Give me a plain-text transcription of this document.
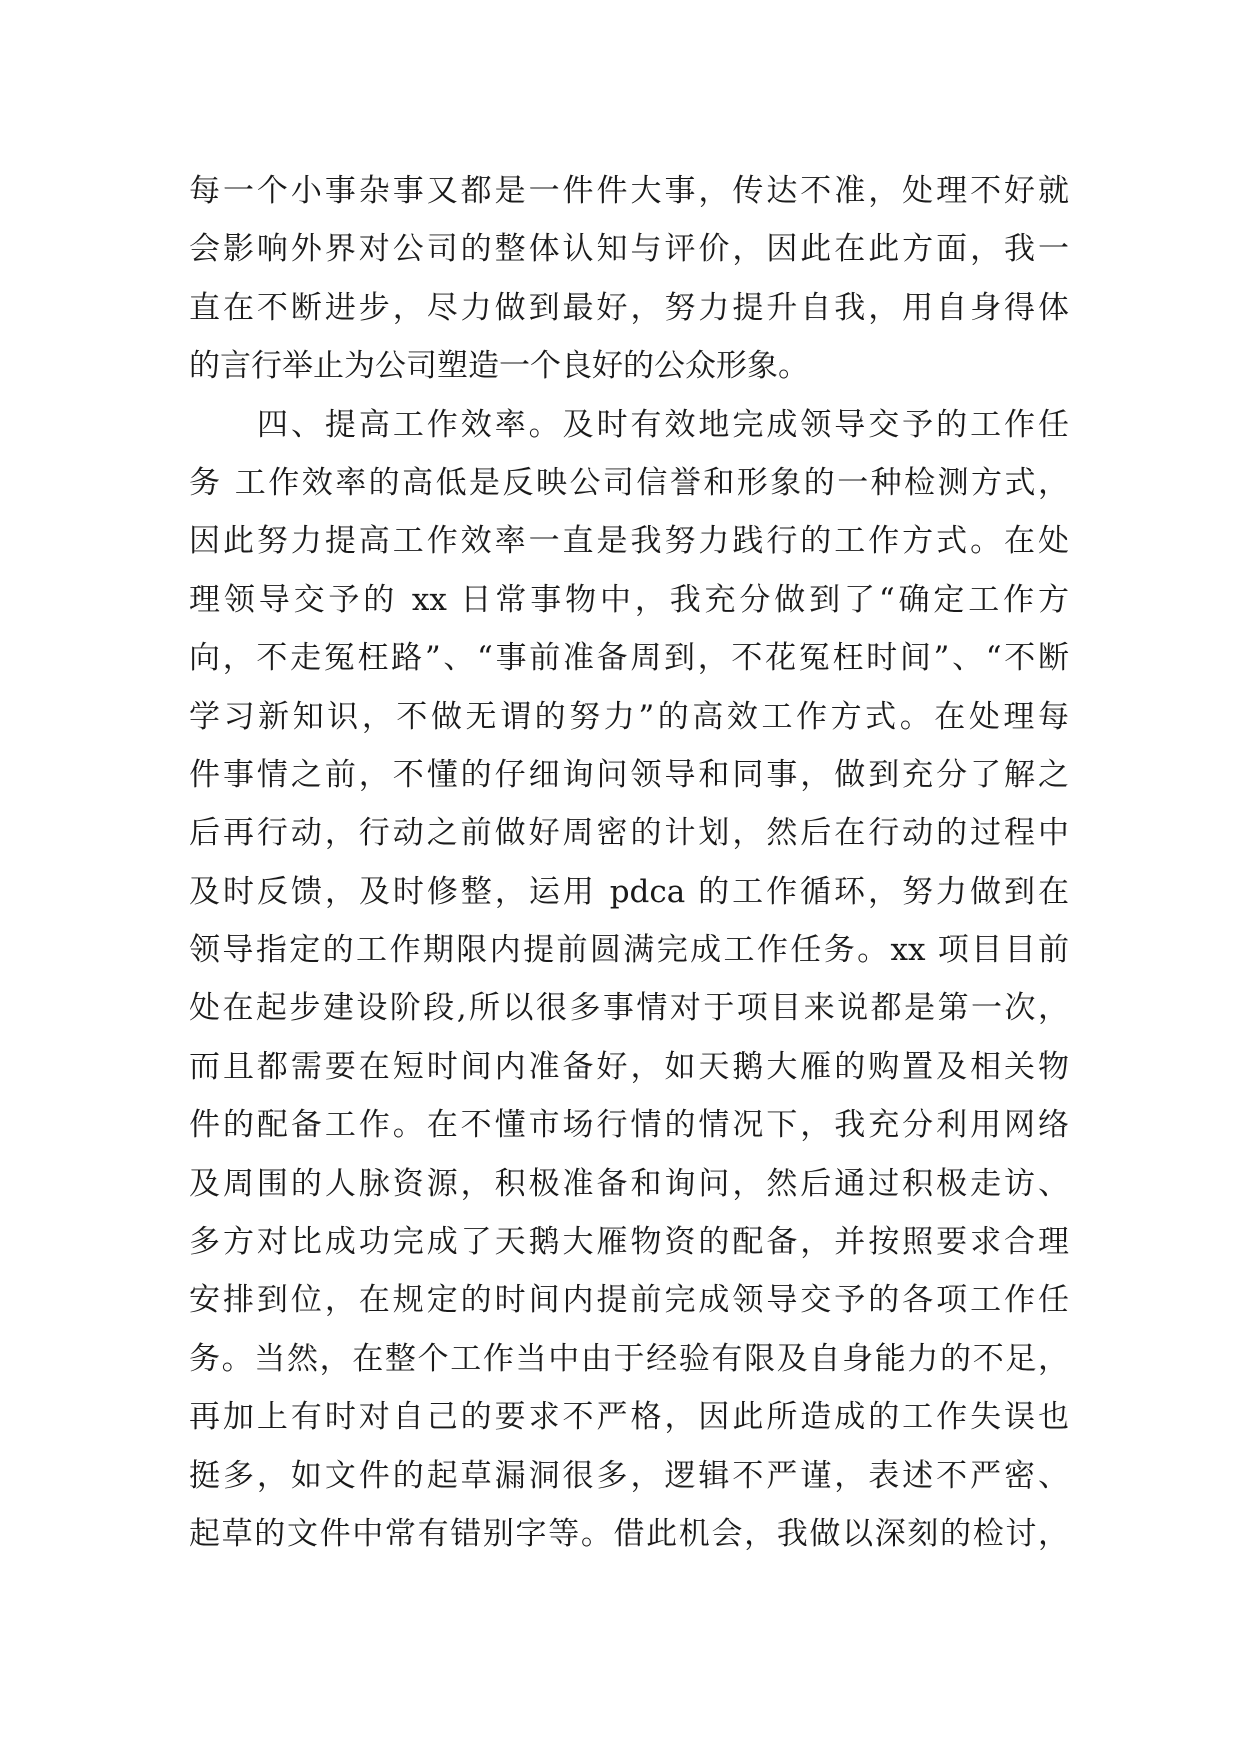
每一个小事杂事又都是一件件大事，传达不准，处理不好就
会影响外界对公司的整体认知与评价，因此在此方面，我一
直在不断进步，尽力做到最好，努力提升自我，用自身得体
的言行举止为公司塑造一个良好的公众形象。
四、提高工作效率。及时有效地完成领导交予的工作任
务 工作效率的高低是反映公司信誉和形象的一种检测方式，
因此努力提高工作效率一直是我努力践行的工作方式。在处
理领导交予的 xx 日常事物中，我充分做到了“确定工作方
向，不走冤枉路”、“事前准备周到，不花冤枉时间”、“不断
学习新知识，不做无谓的努力”的高效工作方式。在处理每
件事情之前，不懂的仔细询问领导和同事，做到充分了解之
后再行动，行动之前做好周密的计划，然后在行动的过程中
及时反馈，及时修整，运用 pdca 的工作循环，努力做到在
领导指定的工作期限内提前圆满完成工作任务。xx 项目目前
处在起步建设阶段,所以很多事情对于项目来说都是第一次，
而且都需要在短时间内准备好，如天鹅大雁的购置及相关物
件的配备工作。在不懂市场行情的情况下，我充分利用网络
及周围的人脉资源，积极准备和询问，然后通过积极走访、
多方对比成功完成了天鹅大雁物资的配备，并按照要求合理
安排到位，在规定的时间内提前完成领导交予的各项工作任
务。当然，在整个工作当中由于经验有限及自身能力的不足，
再加上有时对自己的要求不严格，因此所造成的工作失误也
挺多，如文件的起草漏洞很多，逻辑不严谨，表述不严密、
起草的文件中常有错别字等。借此机会，我做以深刻的检讨，
